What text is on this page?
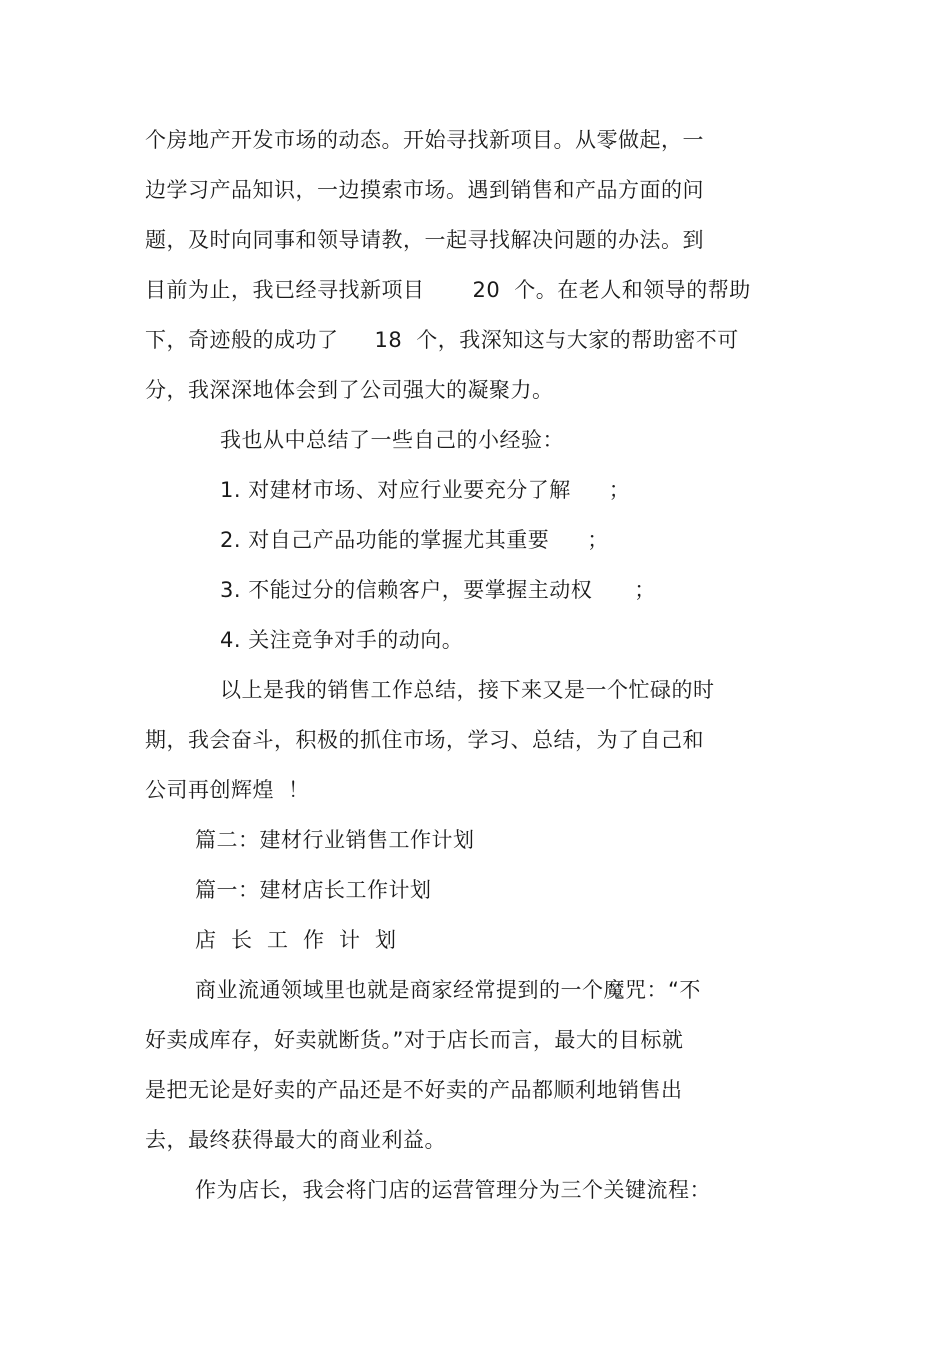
个房地产开发市场的动态。开始寻找新项目。从零做起，一
边学习产品知识，一边摸索市场。遇到销售和产品方面的问
题，及时向同事和领导请教，一起寻找解决问题的办法。到
目前为止，我已经寻找新项目 20 个。在老人和领导的帮助
下，奇迹般的成功了 18 个，我深知这与大家的帮助密不可
分，我深深地体会到了公司强大的凝聚力。
我也从中总结了一些自己的小经验：
1. 对建材市场、对应行业要充分了解 ；
2. 对自己产品功能的掌握尤其重要 ；
3. 不能过分的信赖客户，要掌握主动权 ；
4. 关注竞争对手的动向。
以上是我的销售工作总结，接下来又是一个忙碌的时
期，我会奋斗，积极的抓住市场，学习、总结，为了自己和
公司再创辉煌 ！
篇二：建材行业销售工作计划
篇一：建材店长工作计划
店长工作计划
商业流通领域里也就是商家经常提到的一个魔咒：“不
好卖成库存，好卖就断货。”对于店长而言，最大的目标就
是把无论是好卖的产品还是不好卖的产品都顺利地销售出
去，最终获得最大的商业利益。
作为店长，我会将门店的运营管理分为三个关键流程：
